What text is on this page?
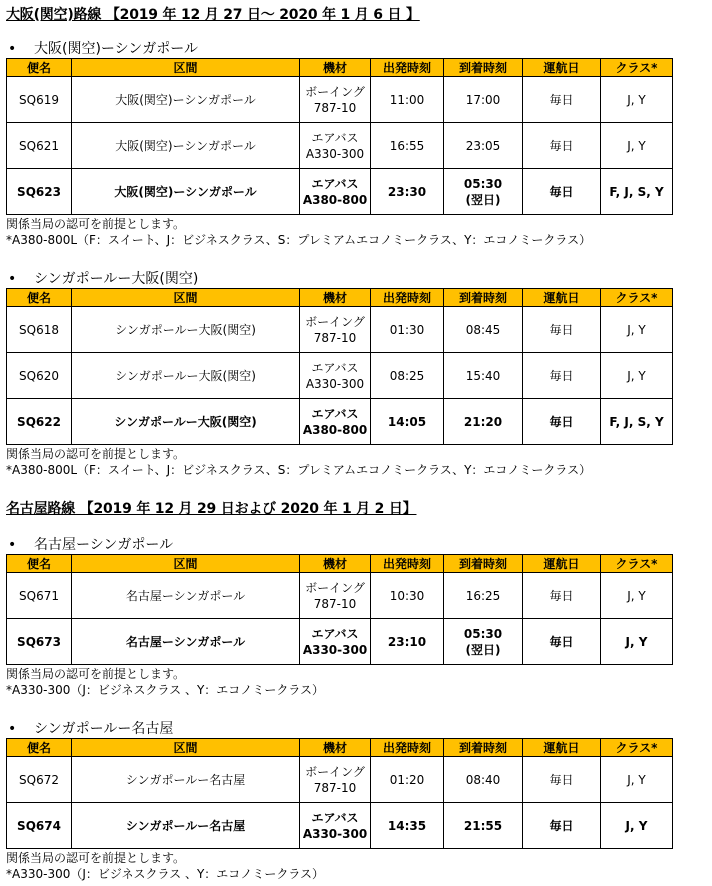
大阪(関空)路線 【2019 年 12 月 27 日～ 2020 年 1 月 6 日 】
• 大阪(関空)ーシンガポール
便名	区間	機材	出発時刻	到着時刻	運航日	クラス*
SQ619	大阪(関空)ーシンガポール	ボーイング
787-10	11:00	17:00	毎日	J, Y
SQ621	大阪(関空)ーシンガポール	エアバス
A330-300	16:55	23:05	毎日	J, Y
SQ623	大阪(関空)ーシンガポール	エアバス
A380-800	23:30	05:30
(翌日)	毎日	F, J, S, Y
関係当局の認可を前提とします。
*A380-800L（F：スイート、J：ビジネスクラス、S：プレミアムエコノミークラス、Y：エコノミークラス）
• シンガポールー大阪(関空)
便名	区間	機材	出発時刻	到着時刻	運航日	クラス*
SQ618	シンガポールー大阪(関空)	ボーイング
787-10	01:30	08:45	毎日	J, Y
SQ620	シンガポールー大阪(関空)	エアバス
A330-300	08:25	15:40	毎日	J, Y
SQ622	シンガポールー大阪(関空)	エアバス
A380-800	14:05	21:20	毎日	F, J, S, Y
関係当局の認可を前提とします。
*A380-800L（F：スイート、J：ビジネスクラス、S：プレミアムエコノミークラス、Y：エコノミークラス）
名古屋路線 【2019 年 12 月 29 日および 2020 年 1 月 2 日】
• 名古屋ーシンガポール
便名	区間	機材	出発時刻	到着時刻	運航日	クラス*
SQ671	名古屋ーシンガポール	ボーイング
787-10	10:30	16:25	毎日	J, Y
SQ673	名古屋ーシンガポール	エアバス
A330-300	23:10	05:30
(翌日)	毎日	J, Y
関係当局の認可を前提とします。
*A330-300（J：ビジネスクラス 、Y：エコノミークラス）
• シンガポールー名古屋
便名	区間	機材	出発時刻	到着時刻	運航日	クラス*
SQ672	シンガポールー名古屋	ボーイング
787-10	01:20	08:40	毎日	J, Y
SQ674	シンガポールー名古屋	エアバス
A330-300	14:35	21:55	毎日	J, Y
関係当局の認可を前提とします。
*A330-300（J：ビジネスクラス 、Y：エコノミークラス）
